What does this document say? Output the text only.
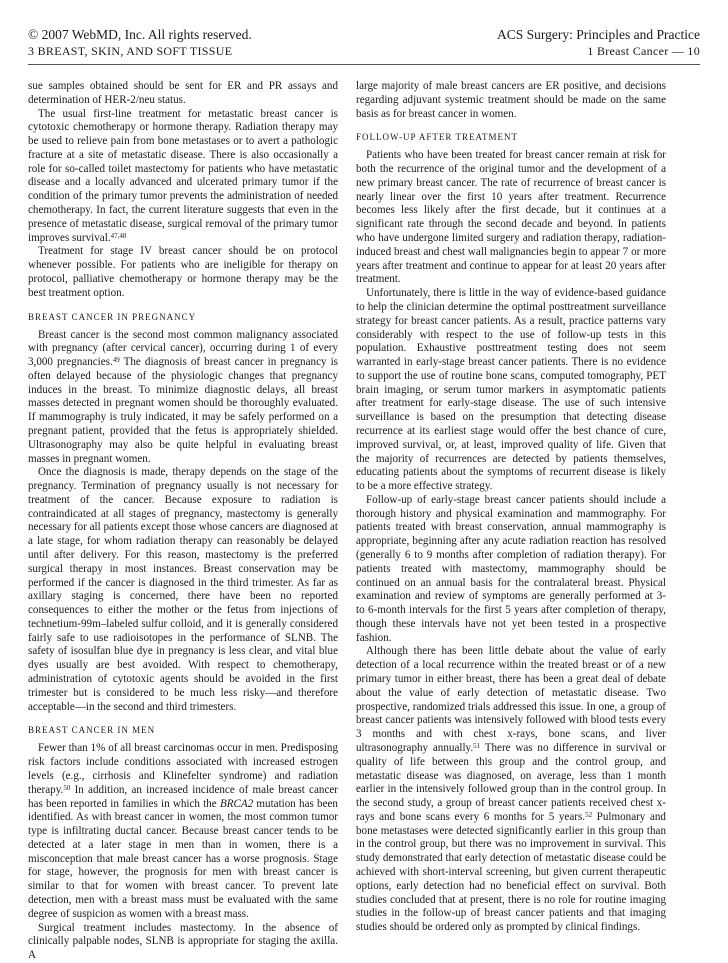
© 2007 WebMD, Inc. All rights reserved.
3 BREAST, SKIN, AND SOFT TISSUE
ACS Surgery: Principles and Practice
1 Breast Cancer — 10

sue samples obtained should be sent for ER and PR assays and determination of HER-2/neu status.

The usual first-line treatment for metastatic breast cancer is cytotoxic chemotherapy or hormone therapy. Radiation therapy may be used to relieve pain from bone metastases or to avert a pathologic fracture at a site of metastatic disease. There is also occasionally a role for so-called toilet mastectomy for patients who have metastatic disease and a locally advanced and ulcerated primary tumor if the condition of the primary tumor prevents the administration of needed chemotherapy. In fact, the current literature suggests that even in the presence of metastatic disease, surgical removal of the primary tumor improves survival.$^{47,48}$

Treatment for stage IV breast cancer should be on protocol whenever possible. For patients who are ineligible for therapy on protocol, palliative chemotherapy or hormone therapy may be the best treatment option.

BREAST CANCER IN PREGNANCY

Breast cancer is the second most common malignancy associated with pregnancy (after cervical cancer), occurring during 1 of every 3,000 pregnancies.$^{49}$ The diagnosis of breast cancer in pregnancy is often delayed because of the physiologic changes that pregnancy induces in the breast. To minimize diagnostic delays, all breast masses detected in pregnant women should be thoroughly evaluated. If mammography is truly indicated, it may be safely performed on a pregnant patient, provided that the fetus is appropriately shielded. Ultrasonography may also be quite helpful in evaluating breast masses in pregnant women.

Once the diagnosis is made, therapy depends on the stage of the pregnancy. Termination of pregnancy usually is not necessary for treatment of the cancer. Because exposure to radiation is contraindicated at all stages of pregnancy, mastectomy is generally necessary for all patients except those whose cancers are diagnosed at a late stage, for whom radiation therapy can reasonably be delayed until after delivery. For this reason, mastectomy is the preferred surgical therapy in most instances. Breast conservation may be performed if the cancer is diagnosed in the third trimester. As far as axillary staging is concerned, there have been no reported consequences to either the mother or the fetus from injections of technetium-99m–labeled sulfur colloid, and it is generally considered fairly safe to use radioisotopes in the performance of SLNB. The safety of isosulfan blue dye in pregnancy is less clear, and vital blue dyes usually are best avoided. With respect to chemotherapy, administration of cytotoxic agents should be avoided in the first trimester but is considered to be much less risky—and therefore acceptable—in the second and third trimesters.

BREAST CANCER IN MEN

Fewer than 1% of all breast carcinomas occur in men. Predisposing risk factors include conditions associated with increased estrogen levels (e.g., cirrhosis and Klinefelter syndrome) and radiation therapy.$^{50}$ In addition, an increased incidence of male breast cancer has been reported in families in which the BRCA2 mutation has been identified. As with breast cancer in women, the most common tumor type is infiltrating ductal cancer. Because breast cancer tends to be detected at a later stage in men than in women, there is a misconception that male breast cancer has a worse prognosis. Stage for stage, however, the prognosis for men with breast cancer is similar to that for women with breast cancer. To prevent late detection, men with a breast mass must be evaluated with the same degree of suspicion as women with a breast mass.

Surgical treatment includes mastectomy. In the absence of clinically palpable nodes, SLNB is appropriate for staging the axilla. A

large majority of male breast cancers are ER positive, and decisions regarding adjuvant systemic treatment should be made on the same basis as for breast cancer in women.

FOLLOW-UP AFTER TREATMENT

Patients who have been treated for breast cancer remain at risk for both the recurrence of the original tumor and the development of a new primary breast cancer. The rate of recurrence of breast cancer is nearly linear over the first 10 years after treatment. Recurrence becomes less likely after the first decade, but it continues at a significant rate through the second decade and beyond. In patients who have undergone limited surgery and radiation therapy, radiation-induced breast and chest wall malignancies begin to appear 7 or more years after treatment and continue to appear for at least 20 years after treatment.

Unfortunately, there is little in the way of evidence-based guidance to help the clinician determine the optimal posttreatment surveillance strategy for breast cancer patients. As a result, practice patterns vary considerably with respect to the use of follow-up tests in this population. Exhaustive posttreatment testing does not seem warranted in early-stage breast cancer patients. There is no evidence to support the use of routine bone scans, computed tomography, PET brain imaging, or serum tumor markers in asymptomatic patients after treatment for early-stage disease. The use of such intensive surveillance is based on the presumption that detecting disease recurrence at its earliest stage would offer the best chance of cure, improved survival, or, at least, improved quality of life. Given that the majority of recurrences are detected by patients themselves, educating patients about the symptoms of recurrent disease is likely to be a more effective strategy.

Follow-up of early-stage breast cancer patients should include a thorough history and physical examination and mammography. For patients treated with breast conservation, annual mammography is appropriate, beginning after any acute radiation reaction has resolved (generally 6 to 9 months after completion of radiation therapy). For patients treated with mastectomy, mammography should be continued on an annual basis for the contralateral breast. Physical examination and review of symptoms are generally performed at 3- to 6-month intervals for the first 5 years after completion of therapy, though these intervals have not yet been tested in a prospective fashion.

Although there has been little debate about the value of early detection of a local recurrence within the treated breast or of a new primary tumor in either breast, there has been a great deal of debate about the value of early detection of metastatic disease. Two prospective, randomized trials addressed this issue. In one, a group of breast cancer patients was intensively followed with blood tests every 3 months and with chest x-rays, bone scans, and liver ultrasonography annually.$^{51}$ There was no difference in survival or quality of life between this group and the control group, and metastatic disease was diagnosed, on average, less than 1 month earlier in the intensively followed group than in the control group. In the second study, a group of breast cancer patients received chest x-rays and bone scans every 6 months for 5 years.$^{52}$ Pulmonary and bone metastases were detected significantly earlier in this group than in the control group, but there was no improvement in survival. This study demonstrated that early detection of metastatic disease could be achieved with short-interval screening, but given current therapeutic options, early detection had no beneficial effect on survival. Both studies concluded that at present, there is no role for routine imaging studies in the follow-up of breast cancer patients and that imaging studies should be ordered only as prompted by clinical findings.
